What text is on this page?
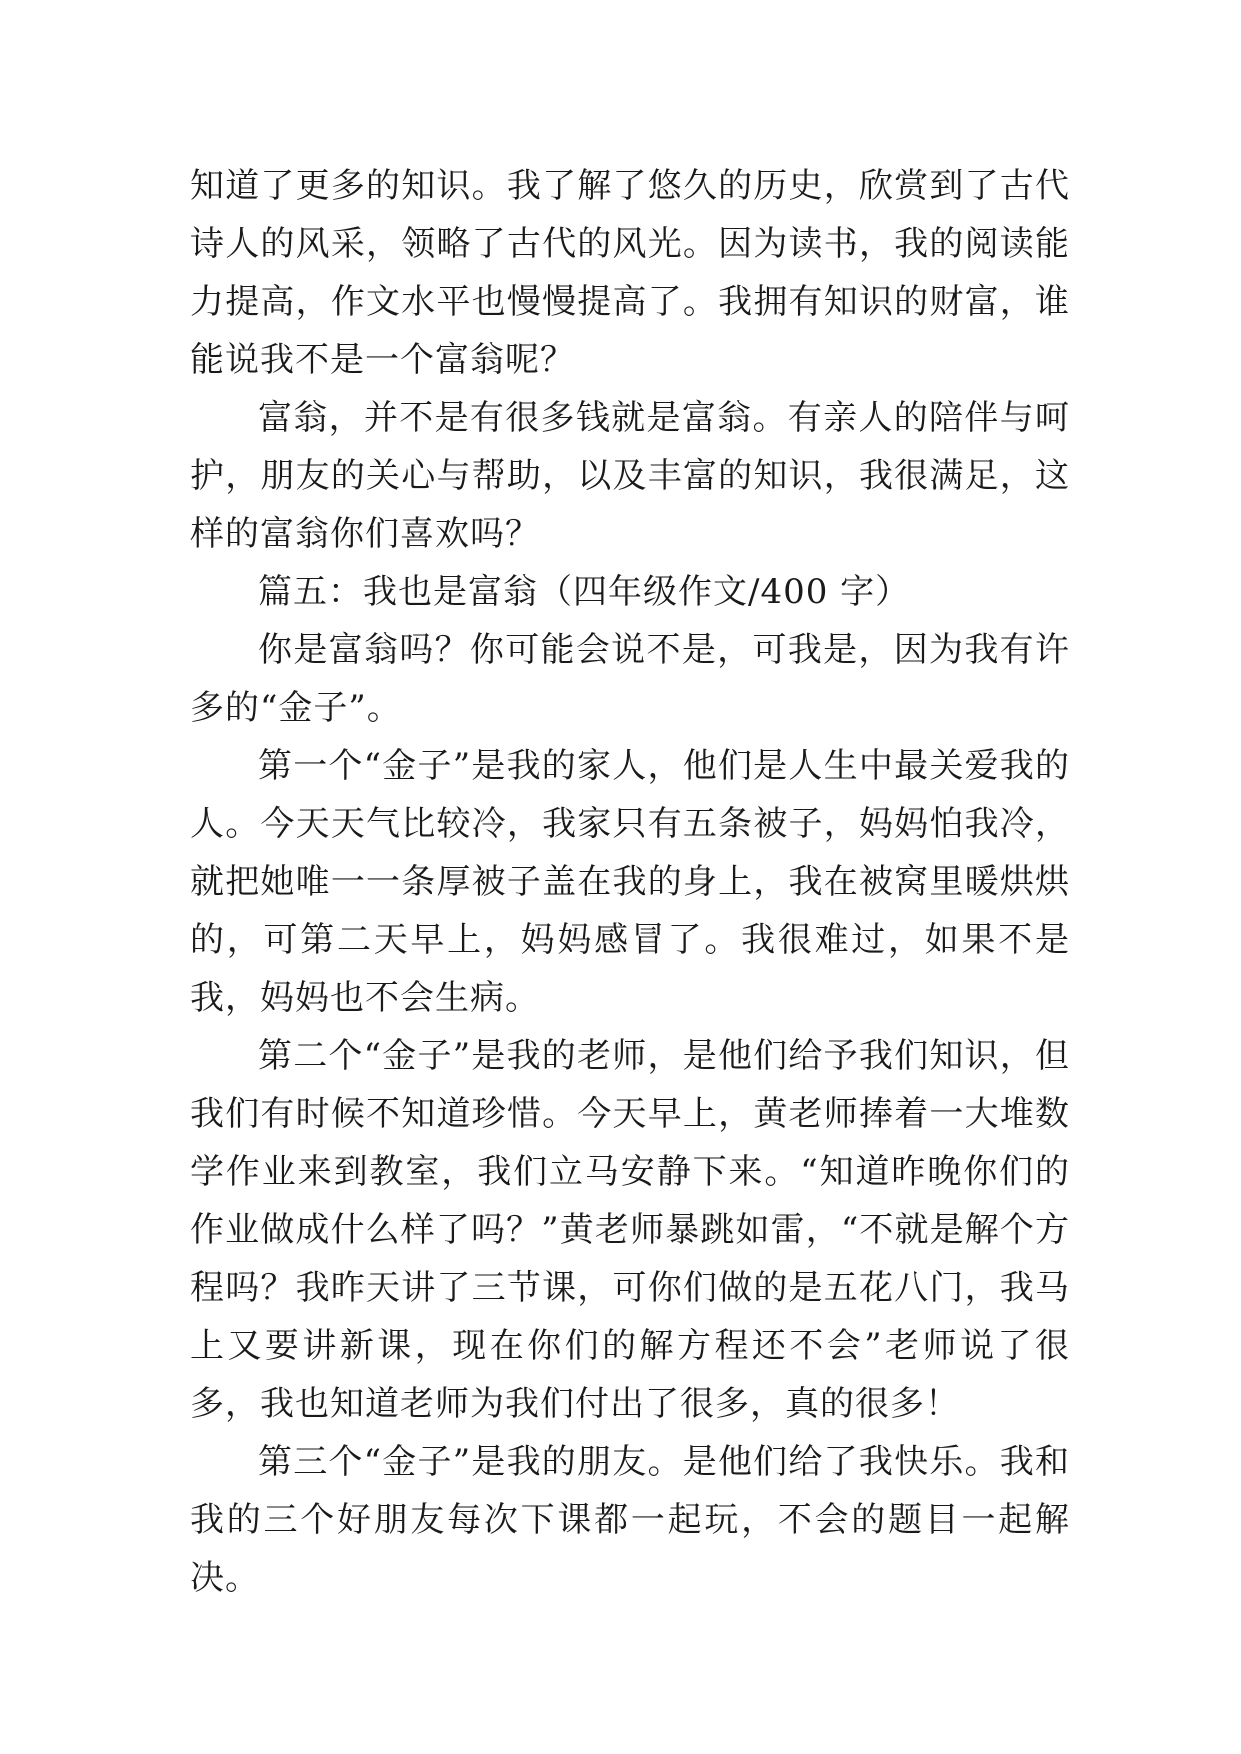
知道了更多的知识。我了解了悠久的历史，欣赏到了古代诗人的风采，领略了古代的风光。因为读书，我的阅读能力提高，作文水平也慢慢提高了。我拥有知识的财富，谁能说我不是一个富翁呢？

富翁，并不是有很多钱就是富翁。有亲人的陪伴与呵护，朋友的关心与帮助，以及丰富的知识，我很满足，这样的富翁你们喜欢吗？

篇五：我也是富翁（四年级作文/400 字）

你是富翁吗？你可能会说不是，可我是，因为我有许多的“金子”。

第一个“金子”是我的家人，他们是人生中最关爱我的人。今天天气比较冷，我家只有五条被子，妈妈怕我冷，就把她唯一一条厚被子盖在我的身上，我在被窝里暖烘烘的，可第二天早上，妈妈感冒了。我很难过，如果不是我，妈妈也不会生病。

第二个“金子”是我的老师，是他们给予我们知识，但我们有时候不知道珍惜。今天早上，黄老师捧着一大堆数学作业来到教室，我们立马安静下来。“知道昨晚你们的作业做成什么样了吗？”黄老师暴跳如雷，“不就是解个方程吗？我昨天讲了三节课，可你们做的是五花八门，我马上又要讲新课，现在你们的解方程还不会”老师说了很多，我也知道老师为我们付出了很多，真的很多！

第三个“金子”是我的朋友。是他们给了我快乐。我和我的三个好朋友每次下课都一起玩，不会的题目一起解决。
